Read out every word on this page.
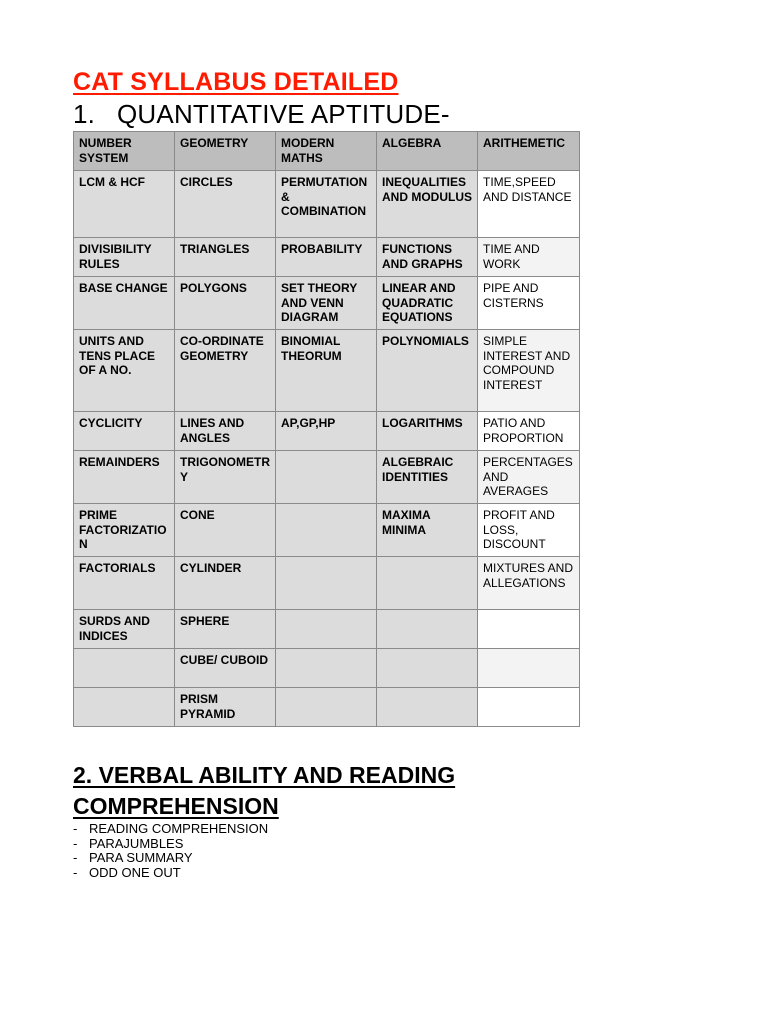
CAT SYLLABUS DETAILED
1. QUANTITATIVE APTITUDE-
NUMBER SYSTEM	GEOMETRY	MODERN MATHS	ALGEBRA	ARITHEMETIC
LCM & HCF	CIRCLES	PERMUTATION & COMBINATION	INEQUALITIES AND MODULUS	TIME,SPEED AND DISTANCE
DIVISIBILITY RULES	TRIANGLES	PROBABILITY	FUNCTIONS AND GRAPHS	TIME AND WORK
BASE CHANGE	POLYGONS	SET THEORY AND VENN DIAGRAM	LINEAR AND QUADRATIC EQUATIONS	PIPE AND CISTERNS
UNITS AND TENS PLACE OF A NO.	CO-ORDINATE GEOMETRY	BINOMIAL THEORUM	POLYNOMIALS	SIMPLE INTEREST AND COMPOUND INTEREST
CYCLICITY	LINES AND ANGLES	AP,GP,HP	LOGARITHMS	PATIO AND PROPORTION
REMAINDERS	TRIGONOMETRY		ALGEBRAIC IDENTITIES	PERCENTAGES AND AVERAGES
PRIME FACTORIZATION	CONE		MAXIMA MINIMA	PROFIT AND LOSS, DISCOUNT
FACTORIALS	CYLINDER			MIXTURES AND ALLEGATIONS
SURDS AND INDICES	SPHERE			
	CUBE/ CUBOID			
	PRISM PYRAMID			
2. VERBAL ABILITY AND READING COMPREHENSION
- READING COMPREHENSION
- PARAJUMBLES
- PARA SUMMARY
- ODD ONE OUT
